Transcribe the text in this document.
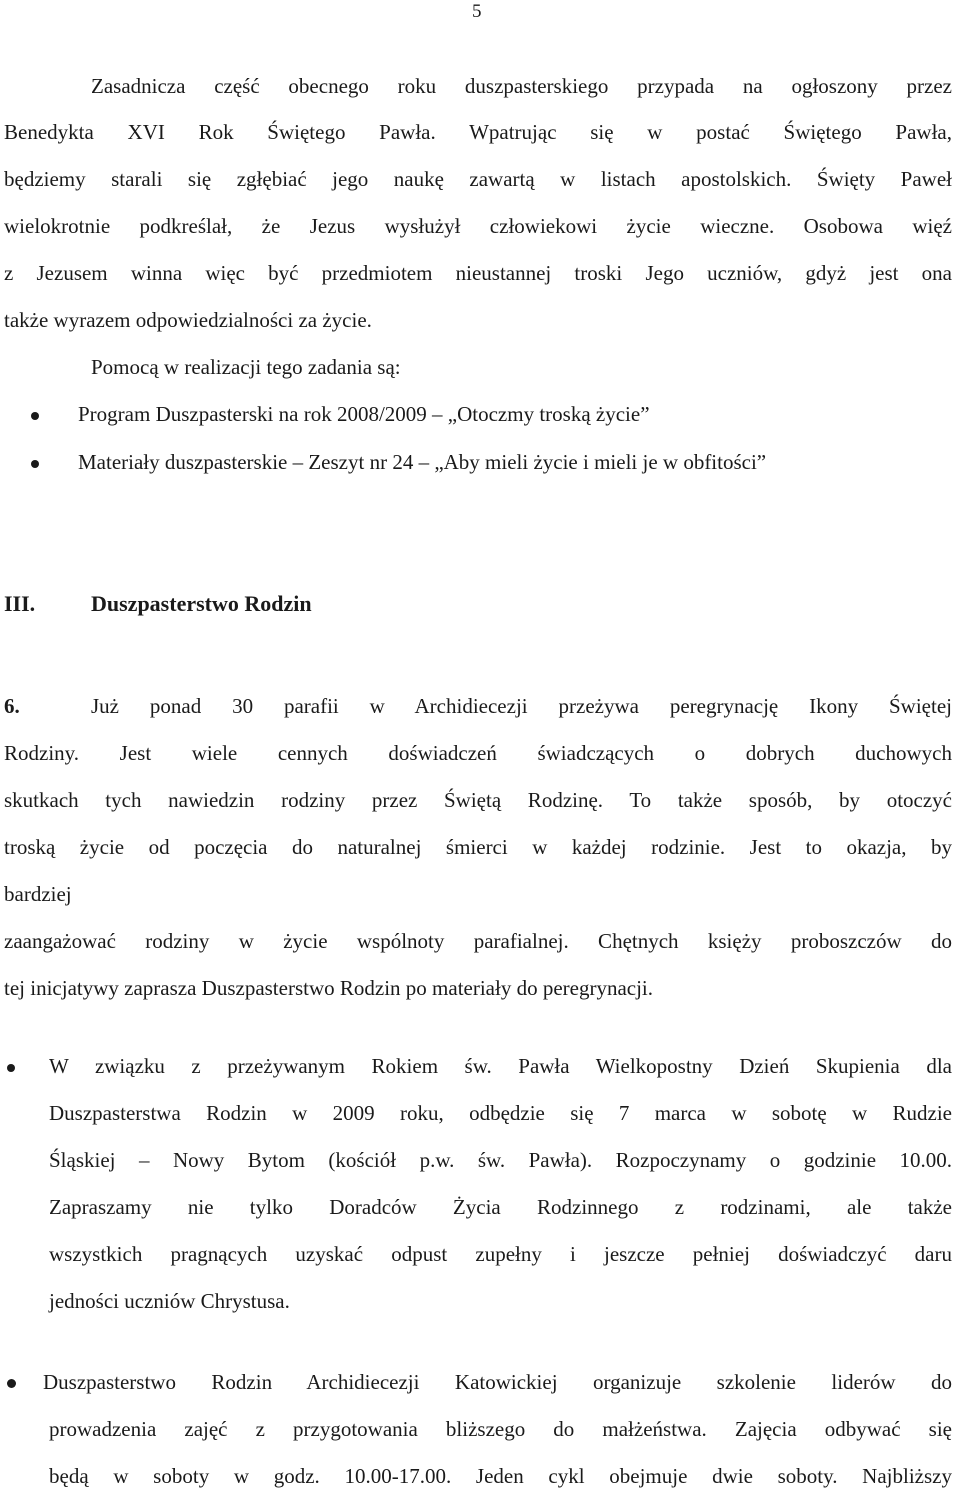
5
Zasadnicza część obecnego roku duszpasterskiego przypada na ogłoszony przez
Benedykta XVI Rok Świętego Pawła. Wpatrując się w postać Świętego Pawła,
będziemy starali się zgłębiać jego naukę zawartą w listach apostolskich. Święty Paweł
wielokrotnie podkreślał, że Jezus wysłużył człowiekowi życie wieczne. Osobowa więź
z Jezusem winna więc być przedmiotem nieustannej troski Jego uczniów, gdyż jest ona
także wyrazem odpowiedzialności za życie.
Pomocą w realizacji tego zadania są:
Program Duszpasterski na rok 2008/2009 – „Otoczmy troską życie”
Materiały duszpasterskie – Zeszyt nr 24 – „Aby mieli życie i mieli je w obfitości”
III.	Duszpasterstwo Rodzin
6.	Już ponad 30 parafii w Archidiecezji przeżywa peregrynację Ikony Świętej
Rodziny. Jest wiele cennych doświadczeń świadczących o dobrych duchowych
skutkach tych nawiedzin rodziny przez Świętą Rodzinę. To także sposób, by otoczyć
troską życie od poczęcia do naturalnej śmierci w każdej rodzinie. Jest to okazja, by
bardziej
zaangażować rodziny w życie wspólnoty parafialnej. Chętnych księży proboszczów do
tej inicjatywy zaprasza Duszpasterstwo Rodzin po materiały do peregrynacji.
W związku z przeżywanym Rokiem św. Pawła Wielkopostny Dzień Skupienia dla
Duszpasterstwa Rodzin w 2009 roku, odbędzie się 7 marca w sobotę w Rudzie
Śląskiej – Nowy Bytom (kościół p.w. św. Pawła). Rozpoczynamy o godzinie 10.00.
Zapraszamy nie tylko Doradców Życia Rodzinnego z rodzinami, ale także
wszystkich pragnących uzyskać odpust zupełny i jeszcze pełniej doświadczyć daru
jedności uczniów Chrystusa.
Duszpasterstwo Rodzin Archidiecezji Katowickiej organizuje szkolenie liderów do
prowadzenia zajęć z przygotowania bliższego do małżeństwa. Zajęcia odbywać się
będą w soboty w godz. 10.00-17.00. Jeden cykl obejmuje dwie soboty. Najbliższy
